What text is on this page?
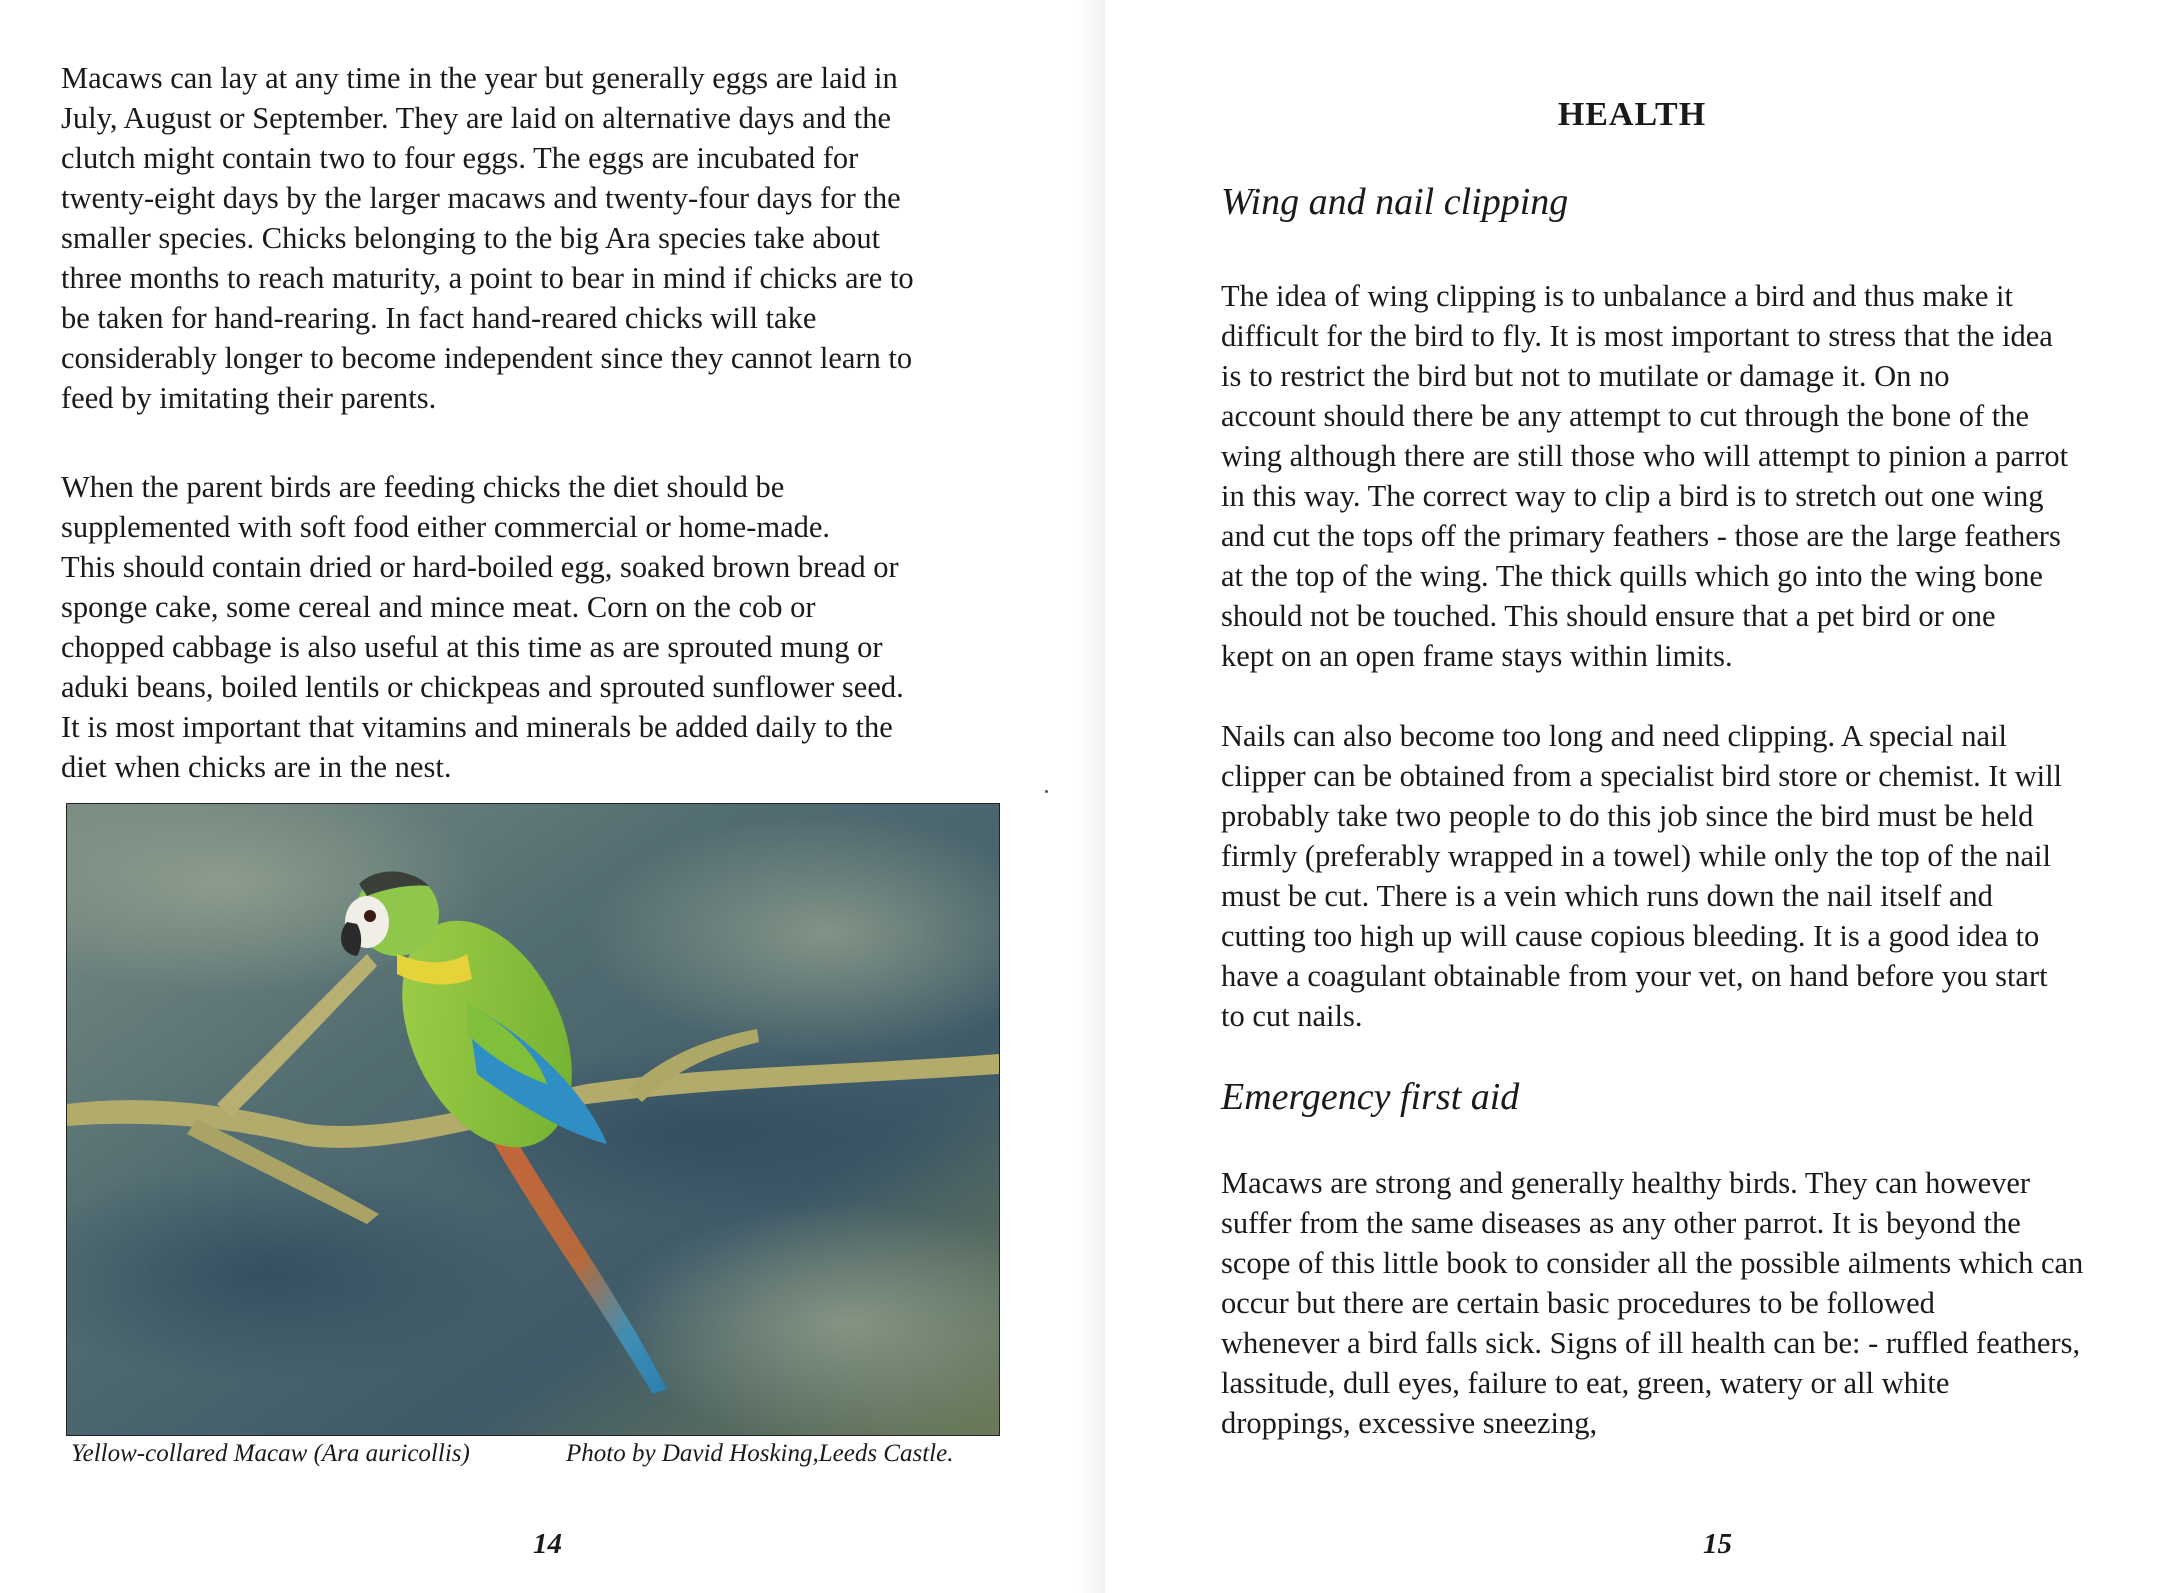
Macaws can lay at any time in the year but generally eggs are laid in
July, August or September. They are laid on alternative days and the
clutch might contain two to four eggs. The eggs are incubated for
twenty-eight days by the larger macaws and twenty-four days for the
smaller species. Chicks belonging to the big Ara species take about
three months to reach maturity, a point to bear in mind if chicks are to
be taken for hand-rearing. In fact hand-reared chicks will take
considerably longer to become independent since they cannot learn to
feed by imitating their parents.
When the parent birds are feeding chicks the diet should be
supplemented with soft food either commercial or home-made.
This should contain dried or hard-boiled egg, soaked brown bread or
sponge cake, some cereal and mince meat. Corn on the cob or
chopped cabbage is also useful at this time as are sprouted mung or
aduki beans, boiled lentils or chickpeas and sprouted sunflower seed.
It is most important that vitamins and minerals be added daily to the
diet when chicks are in the nest.

Yellow-collared Macaw (Ara auricollis)	Photo by David Hosking,Leeds Castle.

14

HEALTH
Wing and nail clipping
The idea of wing clipping is to unbalance a bird and thus make it
difficult for the bird to fly. It is most important to stress that the idea
is to restrict the bird but not to mutilate or damage it. On no
account should there be any attempt to cut through the bone of the
wing although there are still those who will attempt to pinion a parrot
in this way. The correct way to clip a bird is to stretch out one wing
and cut the tops off the primary feathers - those are the large feathers
at the top of the wing. The thick quills which go into the wing bone
should not be touched. This should ensure that a pet bird or one
kept on an open frame stays within limits.
Nails can also become too long and need clipping. A special nail
clipper can be obtained from a specialist bird store or chemist. It will
probably take two people to do this job since the bird must be held
firmly (preferably wrapped in a towel) while only the top of the nail
must be cut. There is a vein which runs down the nail itself and
cutting too high up will cause copious bleeding. It is a good idea to
have a coagulant obtainable from your vet, on hand before you start
to cut nails.
Emergency first aid
Macaws are strong and generally healthy birds. They can however
suffer from the same diseases as any other parrot. It is beyond the
scope of this little book to consider all the possible ailments which can
occur but there are certain basic procedures to be followed
whenever a bird falls sick. Signs of ill health can be: - ruffled feathers,
lassitude, dull eyes, failure to eat, green, watery or all white
droppings, excessive sneezing,

15
